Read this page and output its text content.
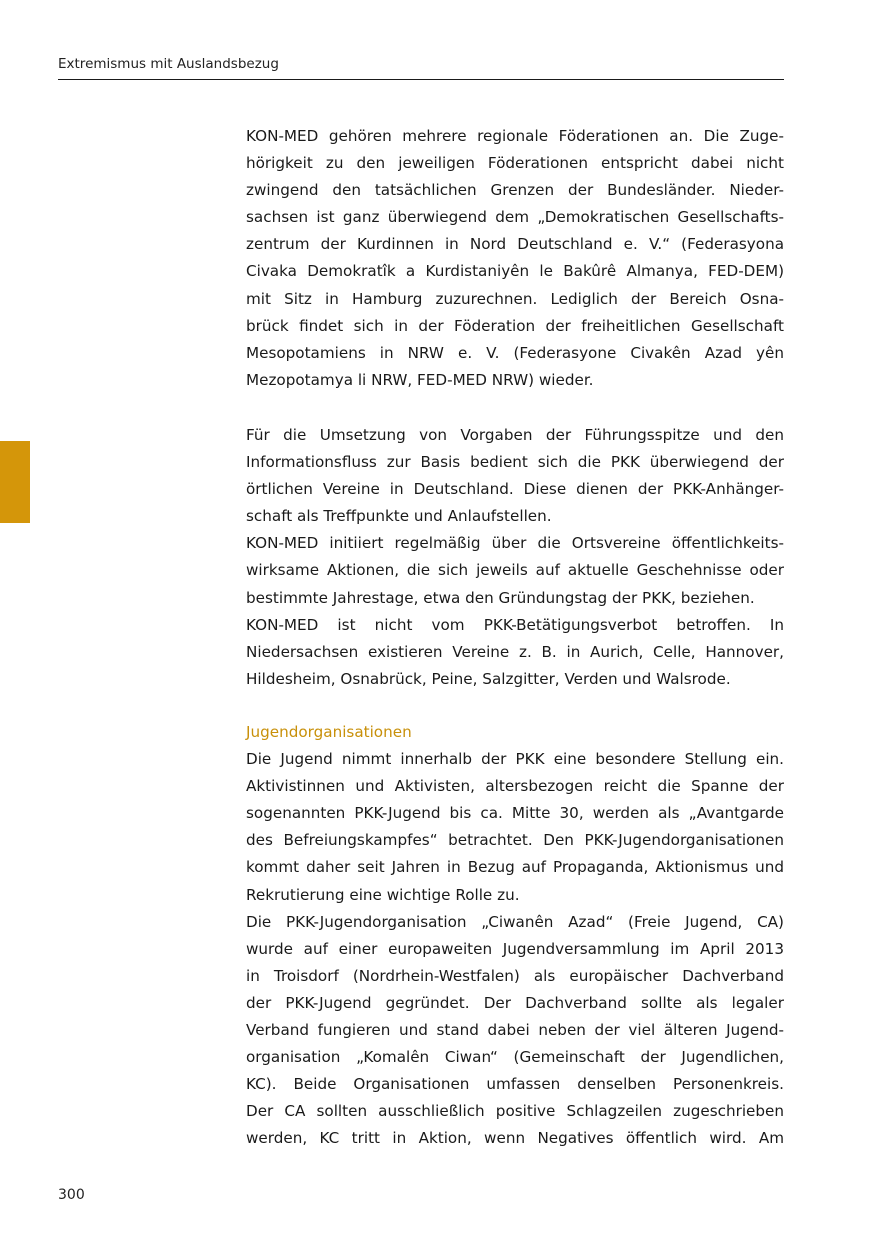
Extremismus mit Auslandsbezug
KON-MED gehören mehrere regionale Föderationen an. Die Zuge-
hörigkeit zu den jeweiligen Föderationen entspricht dabei nicht
zwingend den tatsächlichen Grenzen der Bundesländer. Nieder-
sachsen ist ganz überwiegend dem „Demokratischen Gesellschafts-
zentrum der Kurdinnen in Nord Deutschland e. V.“ (Federasyona
Civaka Demokratîk a Kurdistaniyên le Bakûrê Almanya, FED-DEM)
mit Sitz in Hamburg zuzurechnen. Lediglich der Bereich Osna-
brück findet sich in der Föderation der freiheitlichen Gesellschaft
Mesopotamiens in NRW e. V. (Federasyone Civakên Azad yên
Mezopotamya li NRW, FED-MED NRW) wieder.
Für die Umsetzung von Vorgaben der Führungsspitze und den
Informationsfluss zur Basis bedient sich die PKK überwiegend der
örtlichen Vereine in Deutschland. Diese dienen der PKK-Anhänger-
schaft als Treffpunkte und Anlaufstellen.
KON-MED initiiert regelmäßig über die Ortsvereine öffentlichkeits-
wirksame Aktionen, die sich jeweils auf aktuelle Geschehnisse oder
bestimmte Jahrestage, etwa den Gründungstag der PKK, beziehen.
KON-MED ist nicht vom PKK-Betätigungsverbot betroffen. In
Niedersachsen existieren Vereine z. B. in Aurich, Celle, Hannover,
Hildesheim, Osnabrück, Peine, Salzgitter, Verden und Walsrode.
Jugendorganisationen
Die Jugend nimmt innerhalb der PKK eine besondere Stellung ein.
Aktivistinnen und Aktivisten, altersbezogen reicht die Spanne der
sogenannten PKK-Jugend bis ca. Mitte 30, werden als „Avantgarde
des Befreiungskampfes“ betrachtet. Den PKK-Jugendorganisationen
kommt daher seit Jahren in Bezug auf Propaganda, Aktionismus und
Rekrutierung eine wichtige Rolle zu.
Die PKK-Jugendorganisation „Ciwanên Azad“ (Freie Jugend, CA)
wurde auf einer europaweiten Jugendversammlung im April 2013
in Troisdorf (Nordrhein-Westfalen) als europäischer Dachverband
der PKK-Jugend gegründet. Der Dachverband sollte als legaler
Verband fungieren und stand dabei neben der viel älteren Jugend-
organisation „Komalên Ciwan“ (Gemeinschaft der Jugendlichen,
KC). Beide Organisationen umfassen denselben Personenkreis.
Der CA sollten ausschließlich positive Schlagzeilen zugeschrieben
werden, KC tritt in Aktion, wenn Negatives öffentlich wird. Am
300
